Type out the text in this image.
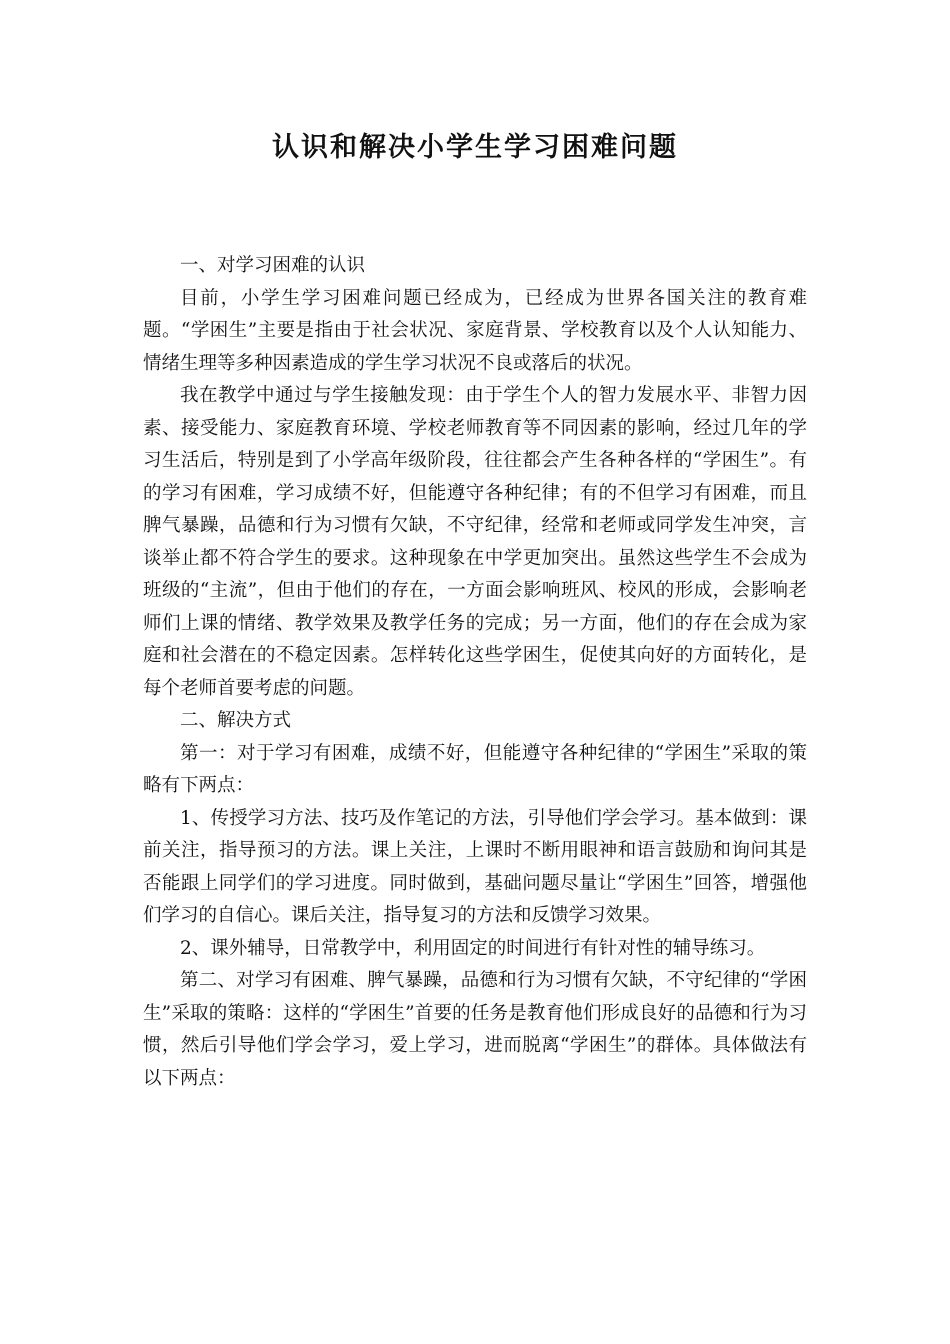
认识和解决小学生学习困难问题

一、对学习困难的认识

目前，小学生学习困难问题已经成为，已经成为世界各国关注的教育难题。“学困生”主要是指由于社会状况、家庭背景、学校教育以及个人认知能力、情绪生理等多种因素造成的学生学习状况不良或落后的状况。

我在教学中通过与学生接触发现：由于学生个人的智力发展水平、非智力因素、接受能力、家庭教育环境、学校老师教育等不同因素的影响，经过几年的学习生活后，特别是到了小学高年级阶段，往往都会产生各种各样的“学困生”。有的学习有困难，学习成绩不好，但能遵守各种纪律；有的不但学习有困难，而且脾气暴躁，品德和行为习惯有欠缺，不守纪律，经常和老师或同学发生冲突，言谈举止都不符合学生的要求。这种现象在中学更加突出。虽然这些学生不会成为班级的“主流”，但由于他们的存在，一方面会影响班风、校风的形成，会影响老师们上课的情绪、教学效果及教学任务的完成；另一方面，他们的存在会成为家庭和社会潜在的不稳定因素。怎样转化这些学困生，促使其向好的方面转化，是每个老师首要考虑的问题。

二、解决方式

第一：对于学习有困难，成绩不好，但能遵守各种纪律的“学困生”采取的策略有下两点：

1、传授学习方法、技巧及作笔记的方法，引导他们学会学习。基本做到：课前关注，指导预习的方法。课上关注，上课时不断用眼神和语言鼓励和询问其是否能跟上同学们的学习进度。同时做到，基础问题尽量让“学困生”回答，增强他们学习的自信心。课后关注，指导复习的方法和反馈学习效果。

2、课外辅导，日常教学中，利用固定的时间进行有针对性的辅导练习。

第二、对学习有困难、脾气暴躁，品德和行为习惯有欠缺，不守纪律的“学困生”采取的策略：这样的“学困生”首要的任务是教育他们形成良好的品德和行为习惯，然后引导他们学会学习，爱上学习，进而脱离“学困生”的群体。具体做法有以下两点：
